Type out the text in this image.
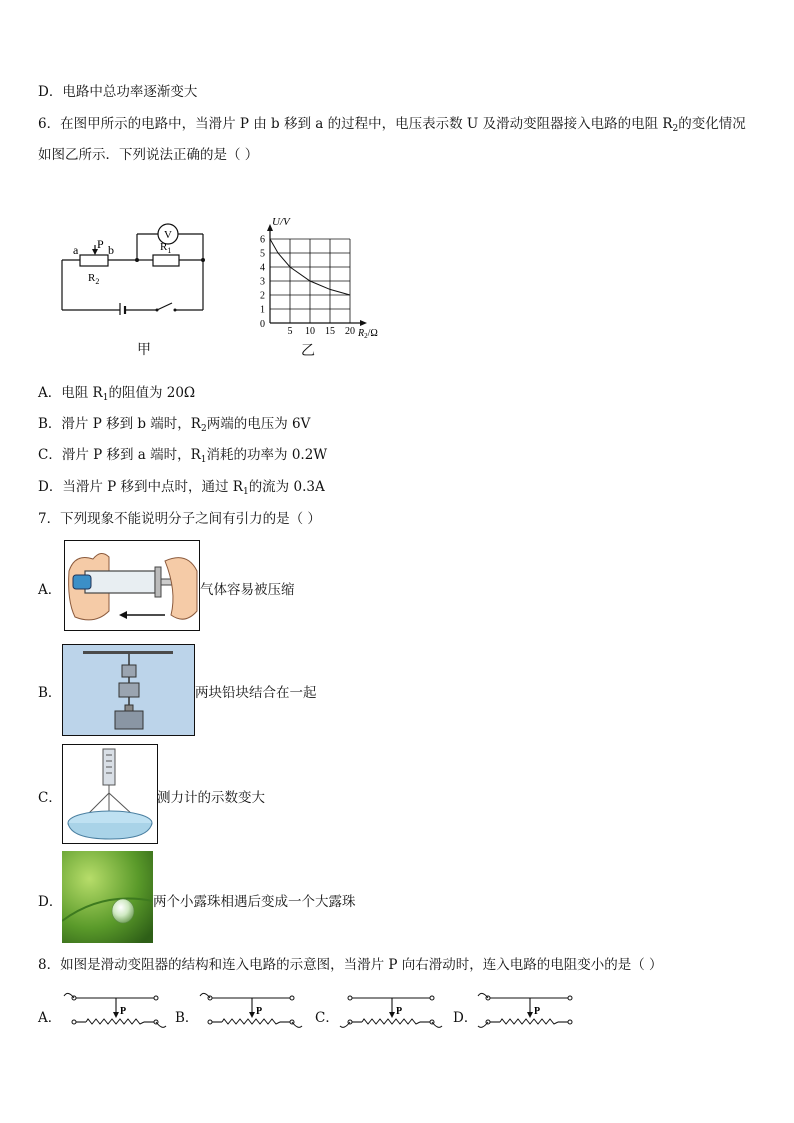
D．电路中总功率逐渐变大
6．在图甲所示的电路中，当滑片 P 由 b 移到 a 的过程中，电压表示数 U 及滑动变阻器接入电路的电阻 $R_2$的变化情况
如图乙所示．下列说法正确的是（ ）
a P b
$R_2$
$R_1$
V
甲
5 10 15 20
1
2
3
4
5
6
0
U/V
$R_2/\Omega$
乙
A．电阻 $R_1$的阻值为 20Ω
B．滑片 P 移到 b 端时，$R_2$两端的电压为 6V
C．滑片 P 移到 a 端时，$R_1$消耗的功率为 0.2W
D．当滑片 P 移到中点时，通过 $R_1$的流为 0.3A
7．下列现象不能说明分子之间有引力的是（ ）
A．	气体容易被压缩
B．	两块铅块结合在一起
C．	测力计的示数变大
D．	两个小露珠相遇后变成一个大露珠
8．如图是滑动变阻器的结构和连入电路的示意图，当滑片 P 向右滑动时，连入电路的电阻变小的是（ ）
A．	P	B．	P	C．	P	D．	P
